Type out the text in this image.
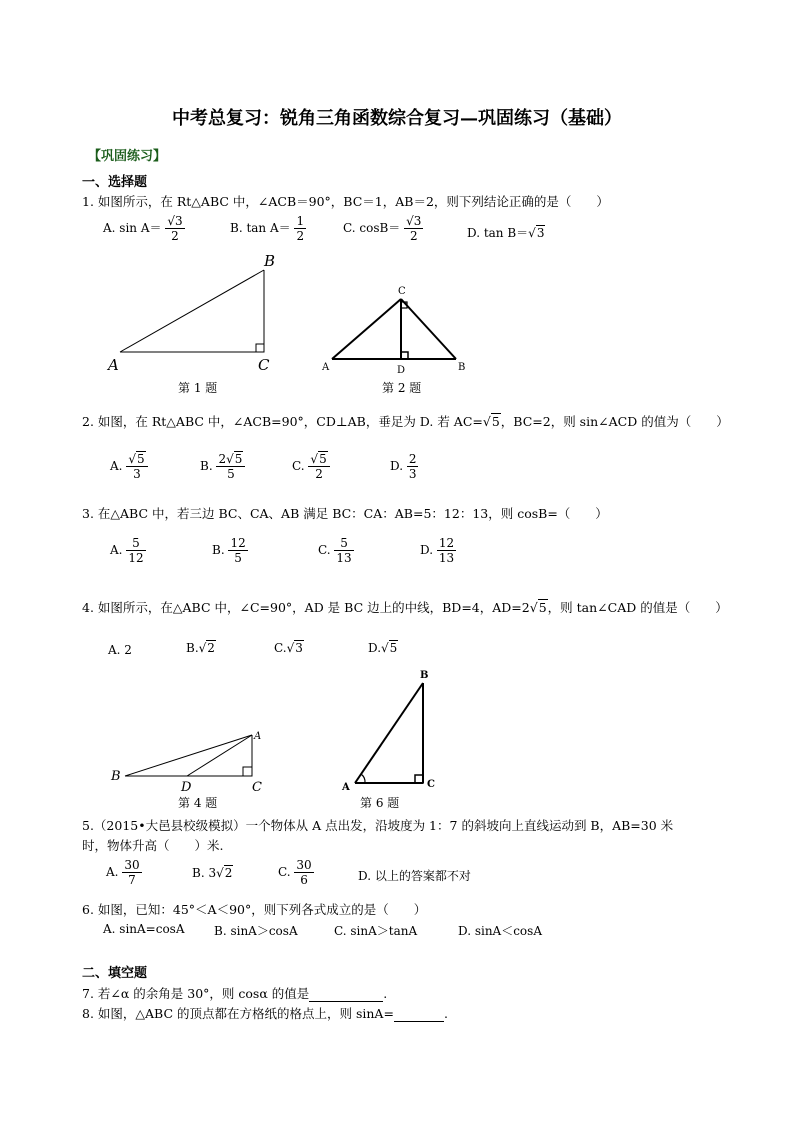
中考总复习：锐角三角函数综合复习—巩固练习（基础）
【巩固练习】
一、选择题
1. 如图所示，在 Rt△ABC 中，∠ACB＝90°，BC＝1，AB＝2，则下列结论正确的是（　　）
A. $\sin A= \frac{√3}{2}$	B. $\tan A= \frac{1}{2}$	C. $\cos B= \frac{√3}{2}$	D. tan B＝√3
B
A	C
第 1 题
C
A	D	B
第 2 题
2. 如图，在 Rt△ABC 中，∠ACB=90°，CD⊥AB，垂足为 D. 若 AC=√5，BC=2，则 sin∠ACD 的值为（　　）
A. $\frac{√5}{3}$	B. $\frac{2√5}{5}$	C. $\frac{√5}{2}$	D. $\frac{2}{3}$
3. 在△ABC 中，若三边 BC、CA、AB 满足 BC：CA：AB=5：12：13，则 cosB=（　　）
A. $\frac{5}{12}$	B. $\frac{12}{5}$	C. $\frac{5}{13}$	D. $\frac{12}{13}$
4. 如图所示，在△ABC 中，∠C=90°，AD 是 BC 边上的中线，BD=4，AD=2√5，则 tan∠CAD 的值是（　　）
A. 2	B.√2	C.√3	D.√5
A
B
D	C
第 4 题
B
A	C
第 6 题
5.（2015•大邑县校级模拟）一个物体从 A 点出发，沿坡度为 1：7 的斜坡向上直线运动到 B，AB=30 米
时，物体升高（　　）米.
A. $\frac{30}{7}$	B. 3√2	C. $\frac{30}{6}$	D. 以上的答案都不对
6. 如图，已知：45°＜A＜90°，则下列各式成立的是（　　）
A. sinA=cosA B. sinA＞cosA	C. sinA＞tanA	D. sinA＜cosA
二、填空题
7. 若∠α 的余角是 30°，则 cosα 的值是	.
8. 如图，△ABC 的顶点都在方格纸的格点上，则 sinA=	.
